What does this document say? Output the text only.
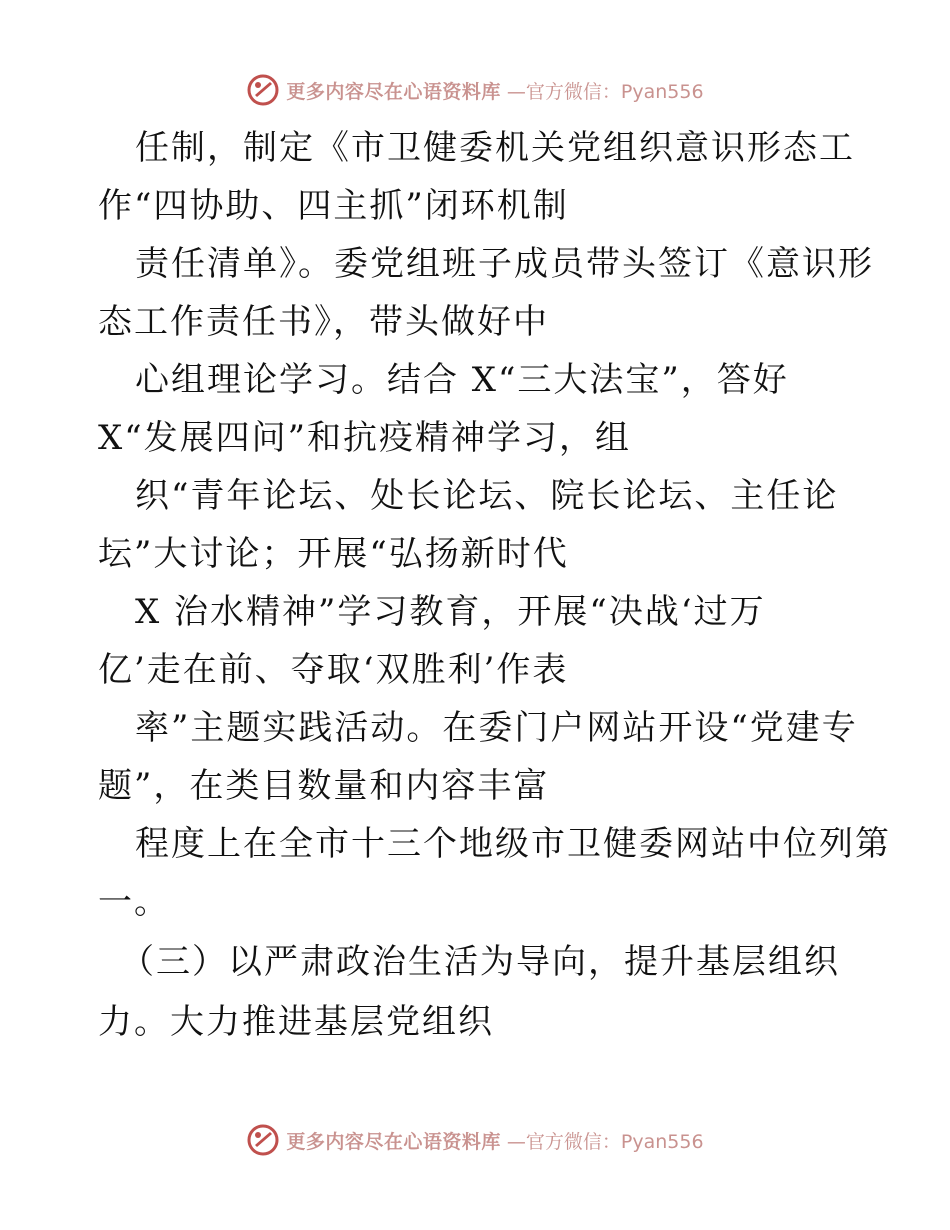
更多内容尽在心语资料库 —官方微信：Pyan556
任制，制定《市卫健委机关党组织意识形态工
作“四协助、四主抓”闭环机制
责任清单》。委党组班子成员带头签订《意识形
态工作责任书》，带头做好中
心组理论学习。结合 X“三大法宝”，答好
X“发展四问”和抗疫精神学习，组
织“青年论坛、处长论坛、院长论坛、主任论
坛”大讨论；开展“弘扬新时代
X 治水精神”学习教育，开展“决战‘过万
亿’走在前、夺取‘双胜利’作表
率”主题实践活动。在委门户网站开设“党建专
题”，在类目数量和内容丰富
程度上在全市十三个地级市卫健委网站中位列第
一。
（三）以严肃政治生活为导向，提升基层组织
力。大力推进基层党组织
更多内容尽在心语资料库 —官方微信：Pyan556
